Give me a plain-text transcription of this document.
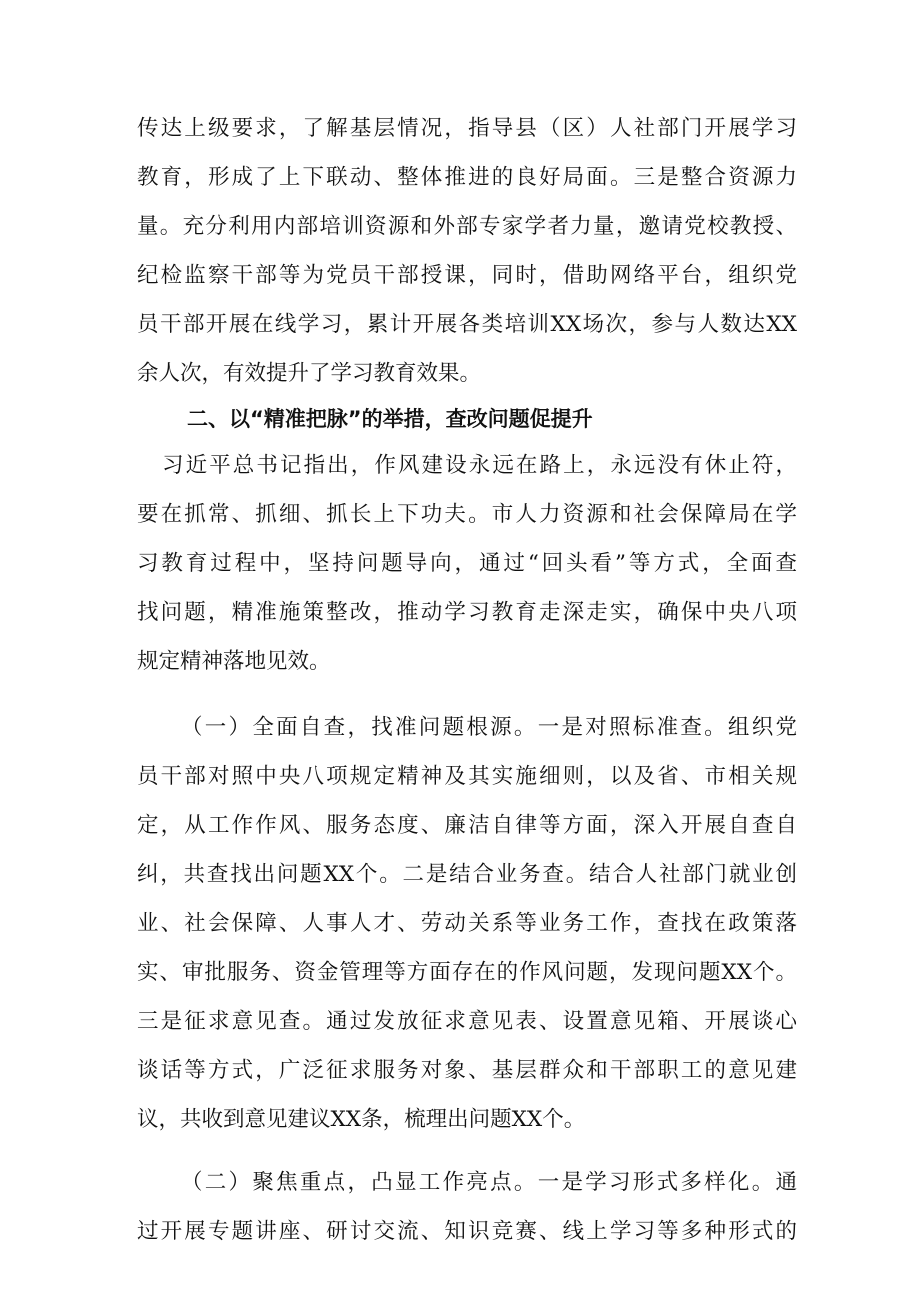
传达上级要求，了解基层情况，指导县（区）人社部门开展学习
教育，形成了上下联动、整体推进的良好局面。三是整合资源力
量。充分利用内部培训资源和外部专家学者力量，邀请党校教授、
纪检监察干部等为党员干部授课，同时，借助网络平台，组织党
员干部开展在线学习，累计开展各类培训XX场次，参与人数达XX
余人次，有效提升了学习教育效果。
二、以“精准把脉”的举措，查改问题促提升
习近平总书记指出，作风建设永远在路上，永远没有休止符，
要在抓常、抓细、抓长上下功夫。市人力资源和社会保障局在学
习教育过程中，坚持问题导向，通过“回头看”等方式，全面查
找问题，精准施策整改，推动学习教育走深走实，确保中央八项
规定精神落地见效。
（一）全面自查，找准问题根源。一是对照标准查。组织党
员干部对照中央八项规定精神及其实施细则，以及省、市相关规
定，从工作作风、服务态度、廉洁自律等方面，深入开展自查自
纠，共查找出问题XX个。二是结合业务查。结合人社部门就业创
业、社会保障、人事人才、劳动关系等业务工作，查找在政策落
实、审批服务、资金管理等方面存在的作风问题，发现问题XX个。
三是征求意见查。通过发放征求意见表、设置意见箱、开展谈心
谈话等方式，广泛征求服务对象、基层群众和干部职工的意见建
议，共收到意见建议XX条，梳理出问题XX个。
（二）聚焦重点，凸显工作亮点。一是学习形式多样化。通
过开展专题讲座、研讨交流、知识竞赛、线上学习等多种形式的
